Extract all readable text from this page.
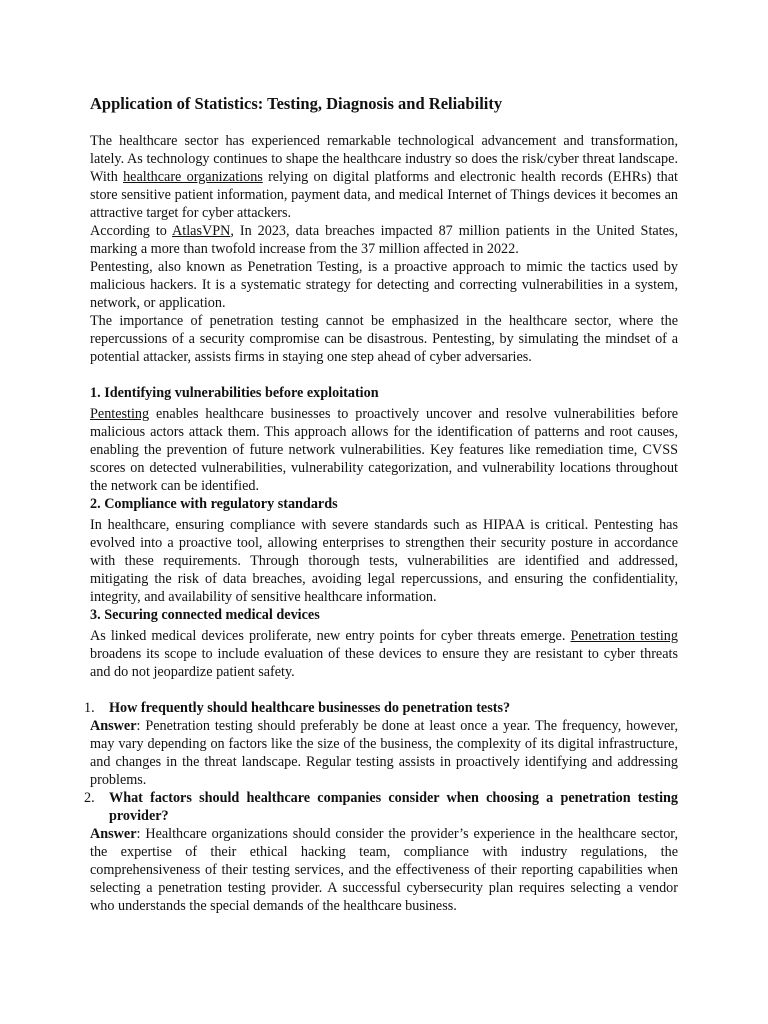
Application of Statistics: Testing, Diagnosis and Reliability

The healthcare sector has experienced remarkable technological advancement and transformation, lately. As technology continues to shape the healthcare industry so does the risk/cyber threat landscape. With healthcare organizations relying on digital platforms and electronic health records (EHRs) that store sensitive patient information, payment data, and medical Internet of Things devices it becomes an attractive target for cyber attackers.

According to AtlasVPN, In 2023, data breaches impacted 87 million patients in the United States, marking a more than twofold increase from the 37 million affected in 2022.

Pentesting, also known as Penetration Testing, is a proactive approach to mimic the tactics used by malicious hackers. It is a systematic strategy for detecting and correcting vulnerabilities in a system, network, or application.

The importance of penetration testing cannot be emphasized in the healthcare sector, where the repercussions of a security compromise can be disastrous. Pentesting, by simulating the mindset of a potential attacker, assists firms in staying one step ahead of cyber adversaries.

1. Identifying vulnerabilities before exploitation

Pentesting enables healthcare businesses to proactively uncover and resolve vulnerabilities before malicious actors attack them. This approach allows for the identification of patterns and root causes, enabling the prevention of future network vulnerabilities. Key features like remediation time, CVSS scores on detected vulnerabilities, vulnerability categorization, and vulnerability locations throughout the network can be identified.

2. Compliance with regulatory standards

In healthcare, ensuring compliance with severe standards such as HIPAA is critical. Pentesting has evolved into a proactive tool, allowing enterprises to strengthen their security posture in accordance with these requirements. Through thorough tests, vulnerabilities are identified and addressed, mitigating the risk of data breaches, avoiding legal repercussions, and ensuring the confidentiality, integrity, and availability of sensitive healthcare information.

3. Securing connected medical devices

As linked medical devices proliferate, new entry points for cyber threats emerge. Penetration testing broadens its scope to include evaluation of these devices to ensure they are resistant to cyber threats and do not jeopardize patient safety.

1. How frequently should healthcare businesses do penetration tests?

Answer: Penetration testing should preferably be done at least once a year. The frequency, however, may vary depending on factors like the size of the business, the complexity of its digital infrastructure, and changes in the threat landscape. Regular testing assists in proactively identifying and addressing problems.

2. What factors should healthcare companies consider when choosing a penetration testing provider?

Answer: Healthcare organizations should consider the provider’s experience in the healthcare sector, the expertise of their ethical hacking team, compliance with industry regulations, the comprehensiveness of their testing services, and the effectiveness of their reporting capabilities when selecting a penetration testing provider. A successful cybersecurity plan requires selecting a vendor who understands the special demands of the healthcare business.
